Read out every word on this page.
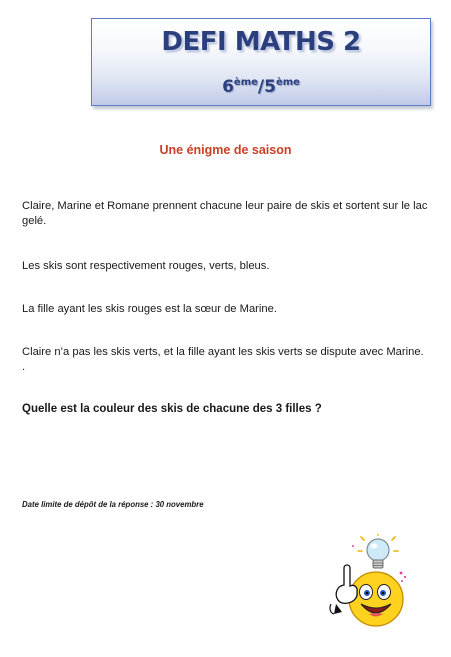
DEFI MATHS 2
6ème/5ème
Une énigme de saison
Claire, Marine et Romane prennent chacune leur paire de skis et sortent sur le lac gelé.
Les skis sont respectivement rouges, verts, bleus.
La fille ayant les skis rouges est la sœur de Marine.
Claire n’a pas les skis verts, et la fille ayant les skis verts se dispute avec Marine.
.
Quelle est la couleur des skis de chacune des 3 filles ?
Date limite de dépôt de la réponse : 30 novembre
